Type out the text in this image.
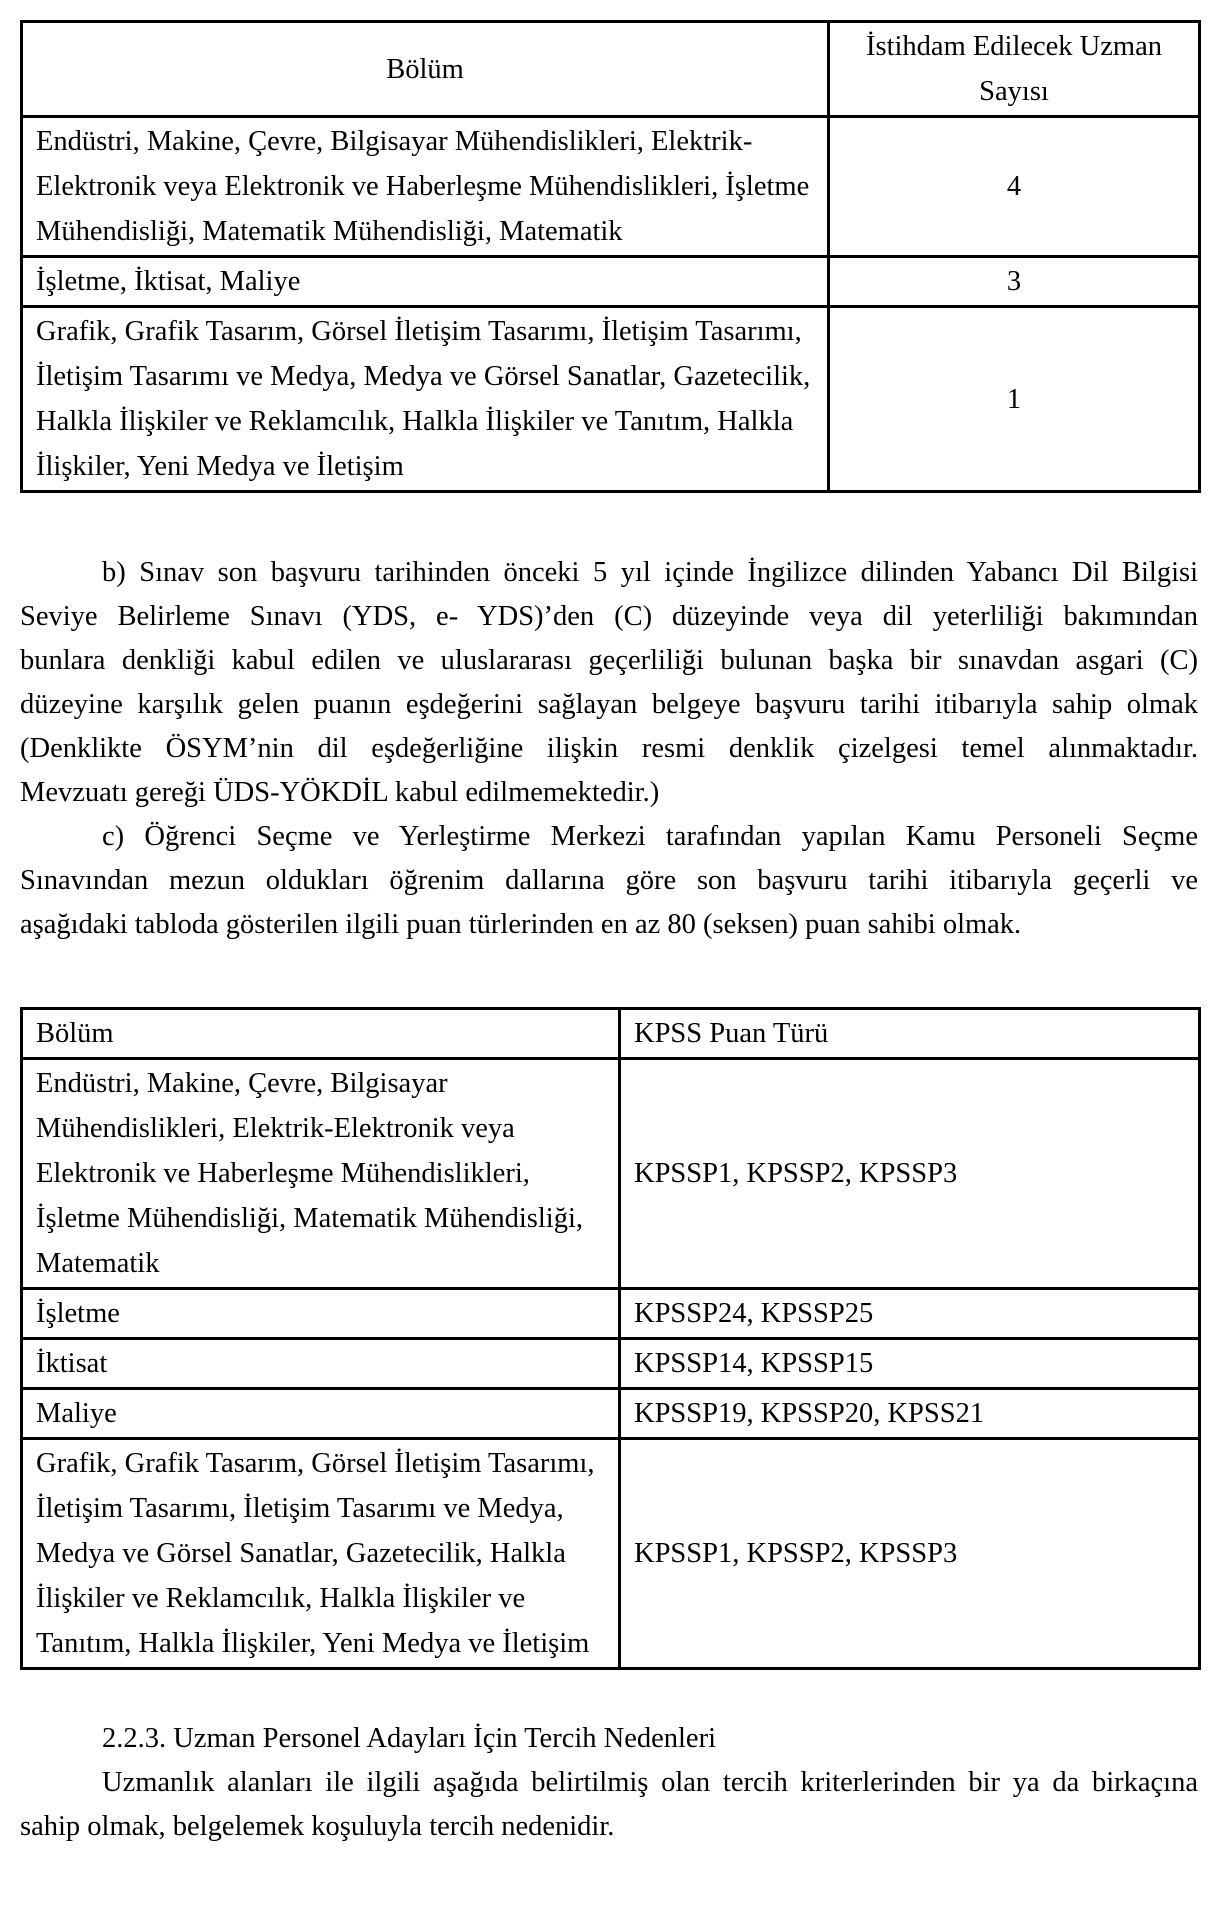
Bölüm	İstihdam Edilecek Uzman Sayısı
Endüstri, Makine, Çevre, Bilgisayar Mühendislikleri, Elektrik-Elektronik veya Elektronik ve Haberleşme Mühendislikleri, İşletme Mühendisliği, Matematik Mühendisliği, Matematik	4
İşletme, İktisat, Maliye	3
Grafik, Grafik Tasarım, Görsel İletişim Tasarımı, İletişim Tasarımı, İletişim Tasarımı ve Medya, Medya ve Görsel Sanatlar, Gazetecilik, Halkla İlişkiler ve Reklamcılık, Halkla İlişkiler ve Tanıtım, Halkla İlişkiler, Yeni Medya ve İletişim	1
b) Sınav son başvuru tarihinden önceki 5 yıl içinde İngilizce dilinden Yabancı Dil Bilgisi
Seviye Belirleme Sınavı (YDS, e- YDS)’den (C) düzeyinde veya dil yeterliliği bakımından
bunlara denkliği kabul edilen ve uluslararası geçerliliği bulunan başka bir sınavdan asgari (C)
düzeyine karşılık gelen puanın eşdeğerini sağlayan belgeye başvuru tarihi itibarıyla sahip olmak
(Denklikte ÖSYM’nin dil eşdeğerliğine ilişkin resmi denklik çizelgesi temel alınmaktadır.
Mevzuatı gereği ÜDS-YÖKDİL kabul edilmemektedir.)
c) Öğrenci Seçme ve Yerleştirme Merkezi tarafından yapılan Kamu Personeli Seçme
Sınavından mezun oldukları öğrenim dallarına göre son başvuru tarihi itibarıyla geçerli ve
aşağıdaki tabloda gösterilen ilgili puan türlerinden en az 80 (seksen) puan sahibi olmak.
Bölüm	KPSS Puan Türü
Endüstri, Makine, Çevre, Bilgisayar Mühendislikleri, Elektrik-Elektronik veya Elektronik ve Haberleşme Mühendislikleri, İşletme Mühendisliği, Matematik Mühendisliği, Matematik	KPSSP1, KPSSP2, KPSSP3
İşletme	KPSSP24, KPSSP25
İktisat	KPSSP14, KPSSP15
Maliye	KPSSP19, KPSSP20, KPSS21
Grafik, Grafik Tasarım, Görsel İletişim Tasarımı, İletişim Tasarımı, İletişim Tasarımı ve Medya, Medya ve Görsel Sanatlar, Gazetecilik, Halkla İlişkiler ve Reklamcılık, Halkla İlişkiler ve Tanıtım, Halkla İlişkiler, Yeni Medya ve İletişim	KPSSP1, KPSSP2, KPSSP3
2.2.3. Uzman Personel Adayları İçin Tercih Nedenleri
Uzmanlık alanları ile ilgili aşağıda belirtilmiş olan tercih kriterlerinden bir ya da birkaçına
sahip olmak, belgelemek koşuluyla tercih nedenidir.
